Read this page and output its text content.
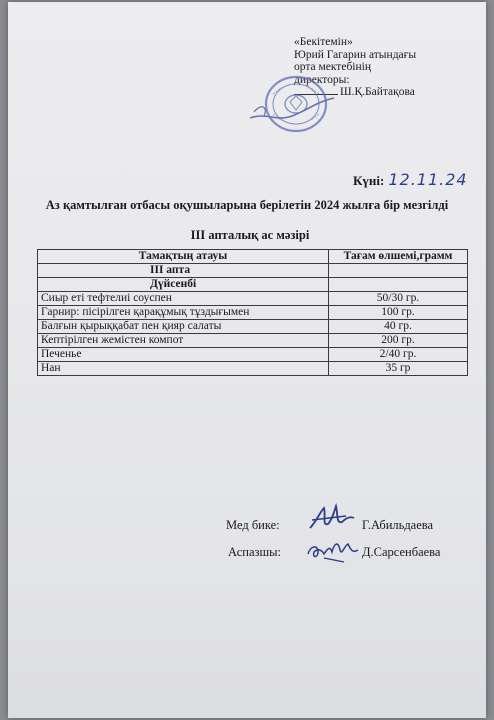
«Бекітемін»
Юрий Гагарин атындағы
орта мектебінің
директоры:
Ш.Қ.Байтақова
Күні: 12.11.24
Аз қамтылған отбасы оқушыларына берілетін 2024 жылға бір мезгілді
ІІІ апталық ас мәзірі
Тамақтың атауы	Тағам өлшемі,грамм
ІІІ апта	
Дүйсенбі	
Сиыр еті тефтелиі соуспен	50/30 гр.
Гарнир: пісірілген қарақұмық тұздығымен	100 гр.
Балғын қырыққабат пен қияр салаты	40 гр.
Кептірілген жемістен компот	200 гр.
Печенье	2/40 гр.
Нан	35 гр
Мед бике:	Г.Абильдаева
Аспазшы:	Д.Сарсенбаева
